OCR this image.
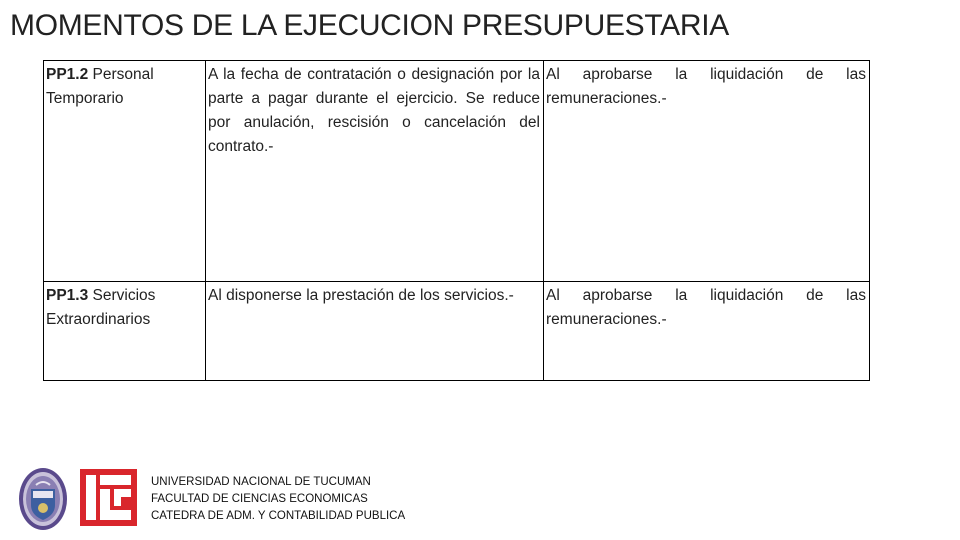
MOMENTOS DE LA EJECUCION PRESUPUESTARIA
PP1.2 Personal Temporario	A la fecha de contratación o designación por la parte a pagar durante el ejercicio. Se reduce por anulación, rescisión o cancelación del contrato.-	Al aprobarse la liquidación de las remuneraciones.-
PP1.3 Servicios Extraordinarios	Al disponerse la prestación de los servicios.-	Al aprobarse la liquidación de las remuneraciones.-
UNIVERSIDAD NACIONAL DE TUCUMAN
FACULTAD DE CIENCIAS ECONOMICAS
CATEDRA DE ADM. Y CONTABILIDAD PUBLICA
